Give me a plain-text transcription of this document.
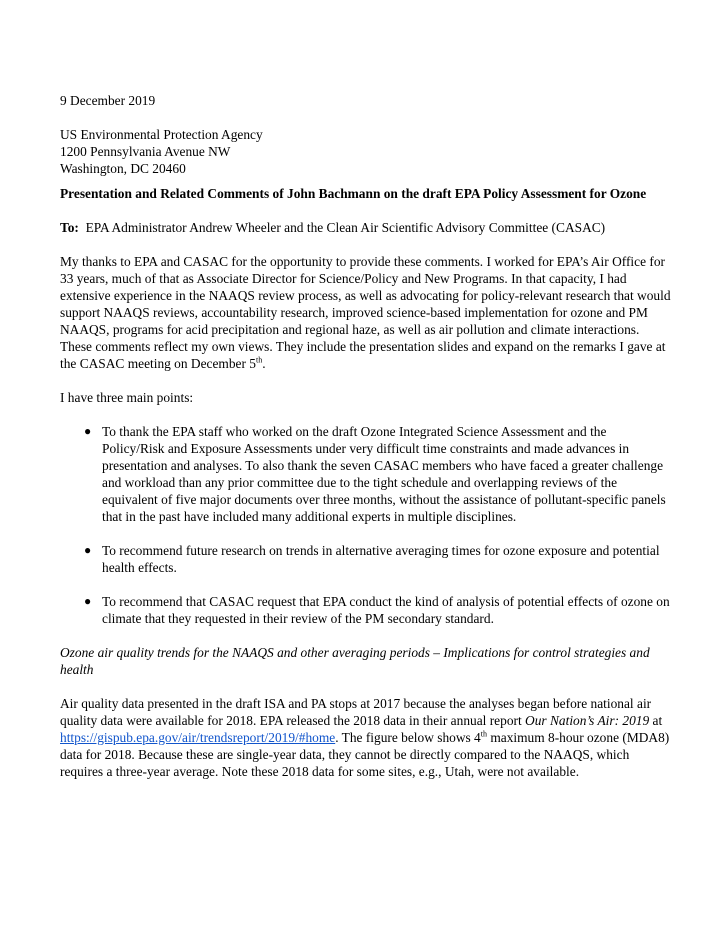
9 December 2019

US Environmental Protection Agency

1200 Pennsylvania Avenue NW

Washington, DC 20460

Presentation and Related Comments of John Bachmann on the draft EPA Policy Assessment for Ozone

To: EPA Administrator Andrew Wheeler and the Clean Air Scientific Advisory Committee (CASAC)

My thanks to EPA and CASAC for the opportunity to provide these comments. I worked for EPA’s Air Office for 33 years, much of that as Associate Director for Science/Policy and New Programs. In that capacity, I had extensive experience in the NAAQS review process, as well as advocating for policy-relevant research that would support NAAQS reviews, accountability research, improved science-based implementation for ozone and PM NAAQS, programs for acid precipitation and regional haze, as well as air pollution and climate interactions. These comments reflect my own views. They include the presentation slides and expand on the remarks I gave at the CASAC meeting on December 5th.

I have three main points:

● To thank the EPA staff who worked on the draft Ozone Integrated Science Assessment and the Policy/Risk and Exposure Assessments under very difficult time constraints and made advances in presentation and analyses. To also thank the seven CASAC members who have faced a greater challenge and workload than any prior committee due to the tight schedule and overlapping reviews of the equivalent of five major documents over three months, without the assistance of pollutant-specific panels that in the past have included many additional experts in multiple disciplines.
● To recommend future research on trends in alternative averaging times for ozone exposure and potential health effects.
● To recommend that CASAC request that EPA conduct the kind of analysis of potential effects of ozone on climate that they requested in their review of the PM secondary standard.

Ozone air quality trends for the NAAQS and other averaging periods – Implications for control strategies and health

Air quality data presented in the draft ISA and PA stops at 2017 because the analyses began before national air quality data were available for 2018. EPA released the 2018 data in their annual report Our Nation’s Air: 2019 at https://gispub.epa.gov/air/trendsreport/2019/#home. The figure below shows 4th maximum 8-hour ozone (MDA8) data for 2018. Because these are single-year data, they cannot be directly compared to the NAAQS, which requires a three-year average. Note these 2018 data for some sites, e.g., Utah, were not available.
